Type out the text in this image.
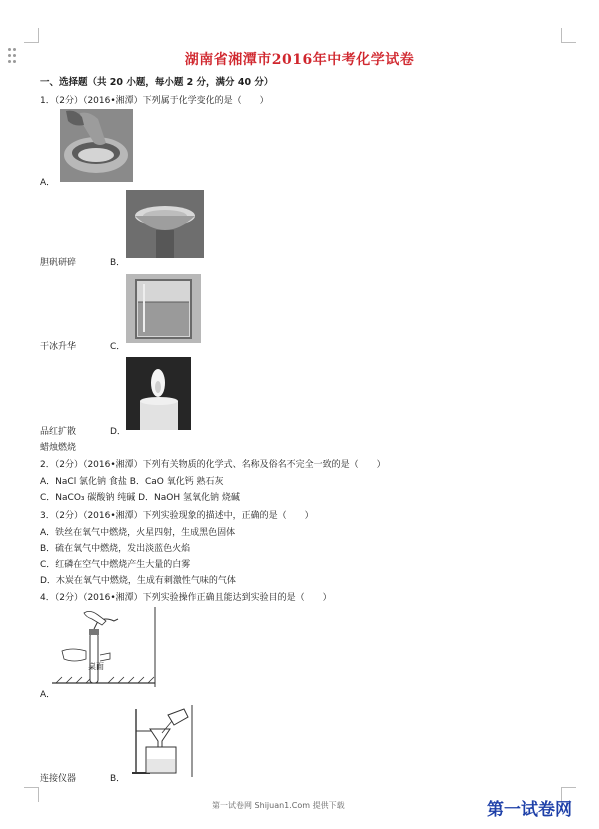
湖南省湘潭市2016年中考化学试卷
一、选择题（共 20 小题，每小题 2 分，满分 40 分）
1．（2分）（2016•湘潭）下列属于化学变化的是（　　）
A．
胆矾研碎	B．
干冰升华	C．
品红扩散	D．
蜡烛燃烧
2．（2分）（2016•湘潭）下列有关物质的化学式、名称及俗名不完全一致的是（　　）
A．NaCl 氯化钠 食盐 B．CaO 氧化钙 熟石灰
C．NaCO₃ 碳酸钠 纯碱 D．NaOH 氢氧化钠 烧碱
3．（2分）（2016•湘潭）下列实验现象的描述中，正确的是（　　）
A．铁丝在氧气中燃烧，火星四射，生成黑色固体
B．硫在氧气中燃烧，发出淡蓝色火焰
C．红磷在空气中燃烧产生大量的白雾
D．木炭在氧气中燃烧，生成有刺激性气味的气体
4．（2分）（2016•湘潭）下列实验操作正确且能达到实验目的是（　　）
桌面
A．
连接仪器	B．
第一试卷网 Shijuan1.Com 提供下载	第一试卷网
